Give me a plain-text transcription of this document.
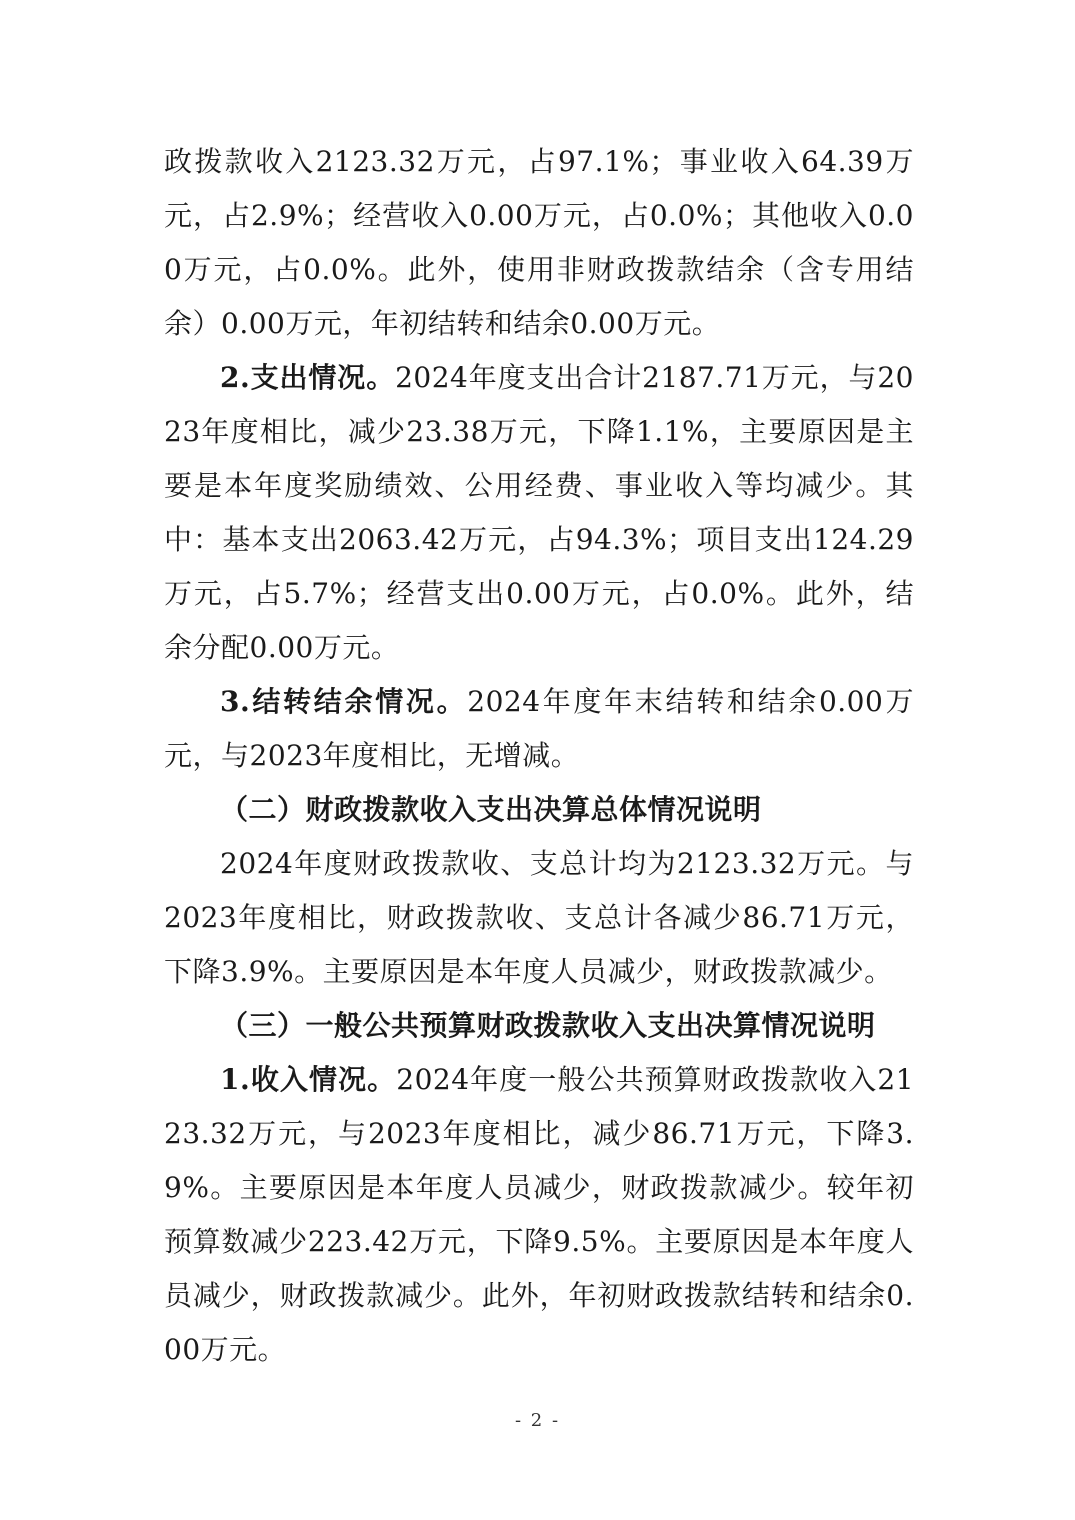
政拨款收入2123.32万元，占97.1%；事业收入64.39万元，占2.9%；经营收入0.00万元，占0.0%；其他收入0.00万元，占0.0%。此外，使用非财政拨款结余（含专用结余）0.00万元，年初结转和结余0.00万元。

2.支出情况。2024年度支出合计2187.71万元，与2023年度相比，减少23.38万元，下降1.1%，主要原因是主要是本年度奖励绩效、公用经费、事业收入等均减少。其中：基本支出2063.42万元，占94.3%；项目支出124.29万元，占5.7%；经营支出0.00万元，占0.0%。此外，结余分配0.00万元。

3.结转结余情况。2024年度年末结转和结余0.00万元，与2023年度相比，无增减。

（二）财政拨款收入支出决算总体情况说明

2024年度财政拨款收、支总计均为2123.32万元。与2023年度相比，财政拨款收、支总计各减少86.71万元，下降3.9%。主要原因是本年度人员减少，财政拨款减少。

（三）一般公共预算财政拨款收入支出决算情况说明

1.收入情况。2024年度一般公共预算财政拨款收入2123.32万元，与2023年度相比，减少86.71万元，下降3.9%。主要原因是本年度人员减少，财政拨款减少。较年初预算数减少223.42万元，下降9.5%。主要原因是本年度人员减少，财政拨款减少。此外，年初财政拨款结转和结余0.00万元。

- 2 -
